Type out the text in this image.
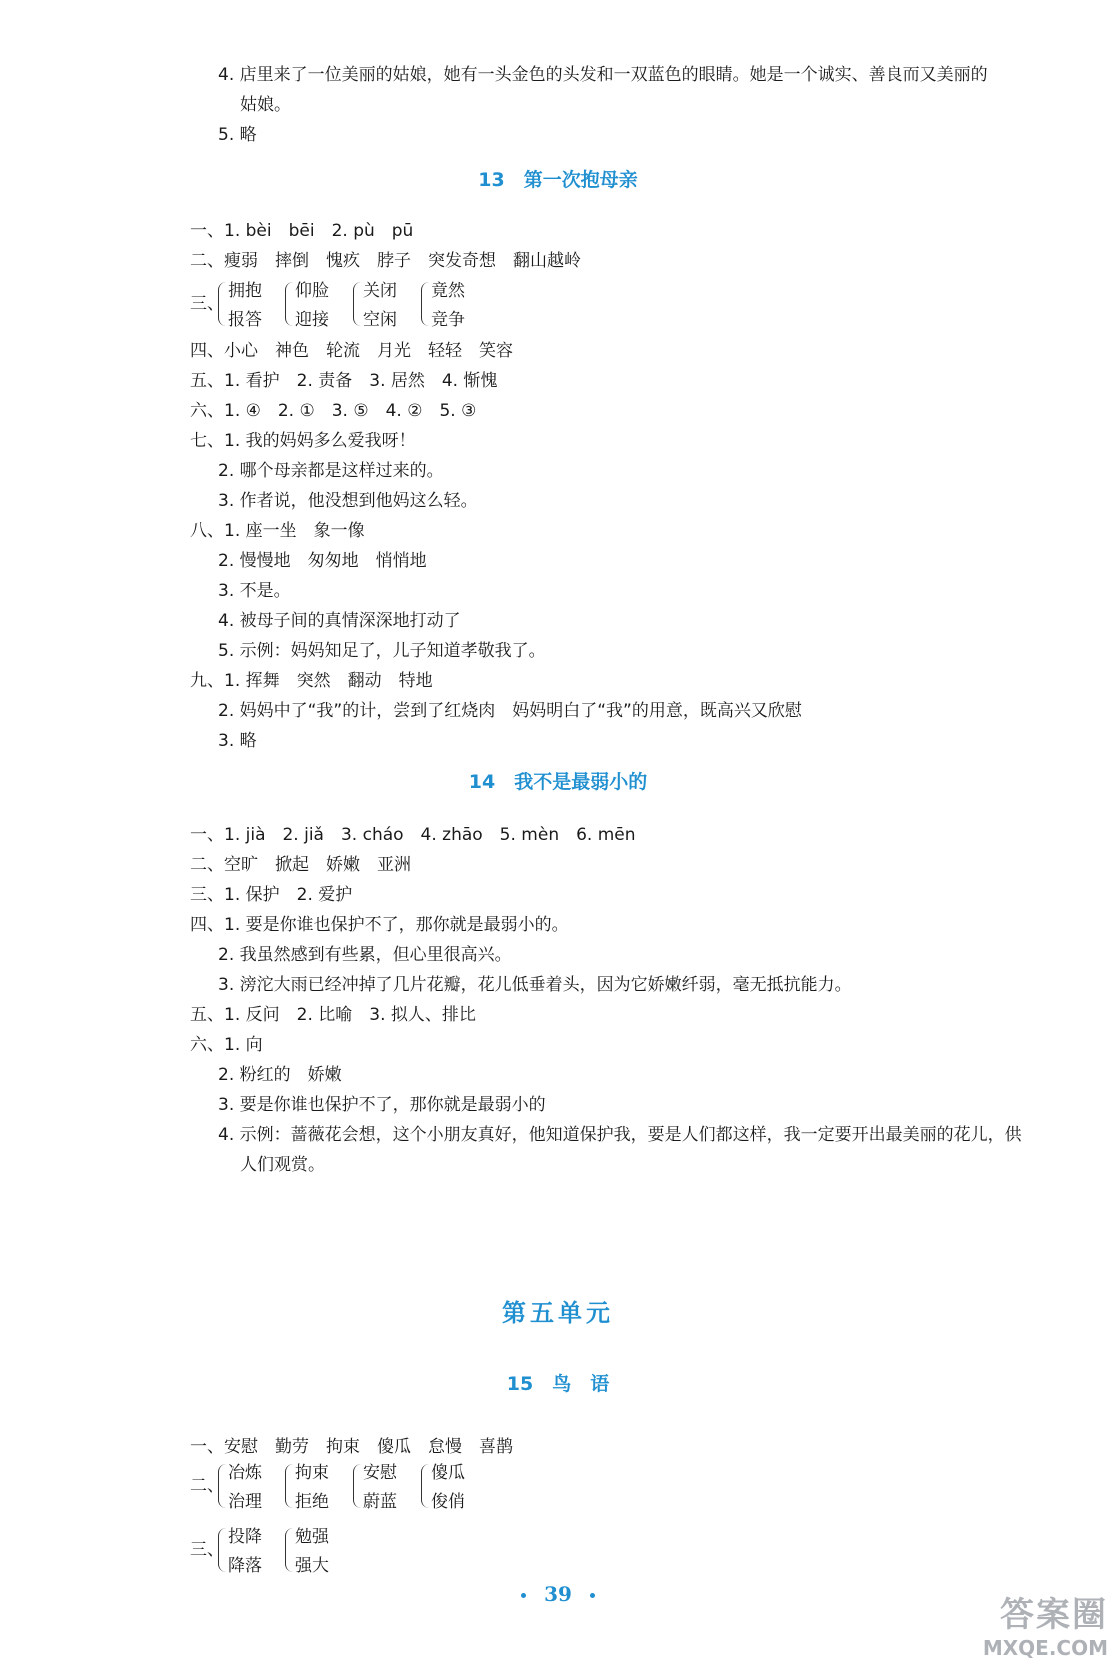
4. 店里来了一位美丽的姑娘，她有一头金色的头发和一双蓝色的眼睛。她是一个诚实、善良而又美丽的
姑娘。
5. 略
13　第一次抱母亲
一、1. bèi　bēi　2. pù　pū
二、瘦弱　摔倒　愧疚　脖子　突发奇想　翻山越岭
三、
拥抱
报答
仰脸
迎接
关闭
空闲
竟然
竞争
四、小心　神色　轮流　月光　轻轻　笑容
五、1. 看护　2. 责备　3. 居然　4. 惭愧
六、1. ④　2. ①　3. ⑤　4. ②　5. ③
七、1. 我的妈妈多么爱我呀！
2. 哪个母亲都是这样过来的。
3. 作者说，他没想到他妈这么轻。
八、1. 座一坐　象一像
2. 慢慢地　匆匆地　悄悄地
3. 不是。
4. 被母子间的真情深深地打动了
5. 示例：妈妈知足了，儿子知道孝敬我了。
九、1. 挥舞　突然　翻动　特地
2. 妈妈中了“我”的计，尝到了红烧肉　妈妈明白了“我”的用意，既高兴又欣慰
3. 略
14　我不是最弱小的
一、1. jià　2. jiǎ　3. cháo　4. zhāo　5. mèn　6. mēn
二、空旷　掀起　娇嫩　亚洲
三、1. 保护　2. 爱护
四、1. 要是你谁也保护不了，那你就是最弱小的。
2. 我虽然感到有些累，但心里很高兴。
3. 滂沱大雨已经冲掉了几片花瓣，花儿低垂着头，因为它娇嫩纤弱，毫无抵抗能力。
五、1. 反问　2. 比喻　3. 拟人、排比
六、1. 向
2. 粉红的　娇嫩
3. 要是你谁也保护不了，那你就是最弱小的
4. 示例：蔷薇花会想，这个小朋友真好，他知道保护我，要是人们都这样，我一定要开出最美丽的花儿，供
人们观赏。
第五单元
15　鸟　语
一、安慰　勤劳　拘束　傻瓜　怠慢　喜鹊
二、
冶炼
治理
拘束
拒绝
安慰
蔚蓝
傻瓜
俊俏
三、
投降
降落
勉强
强大
39
答案圈
MXQE.COM
